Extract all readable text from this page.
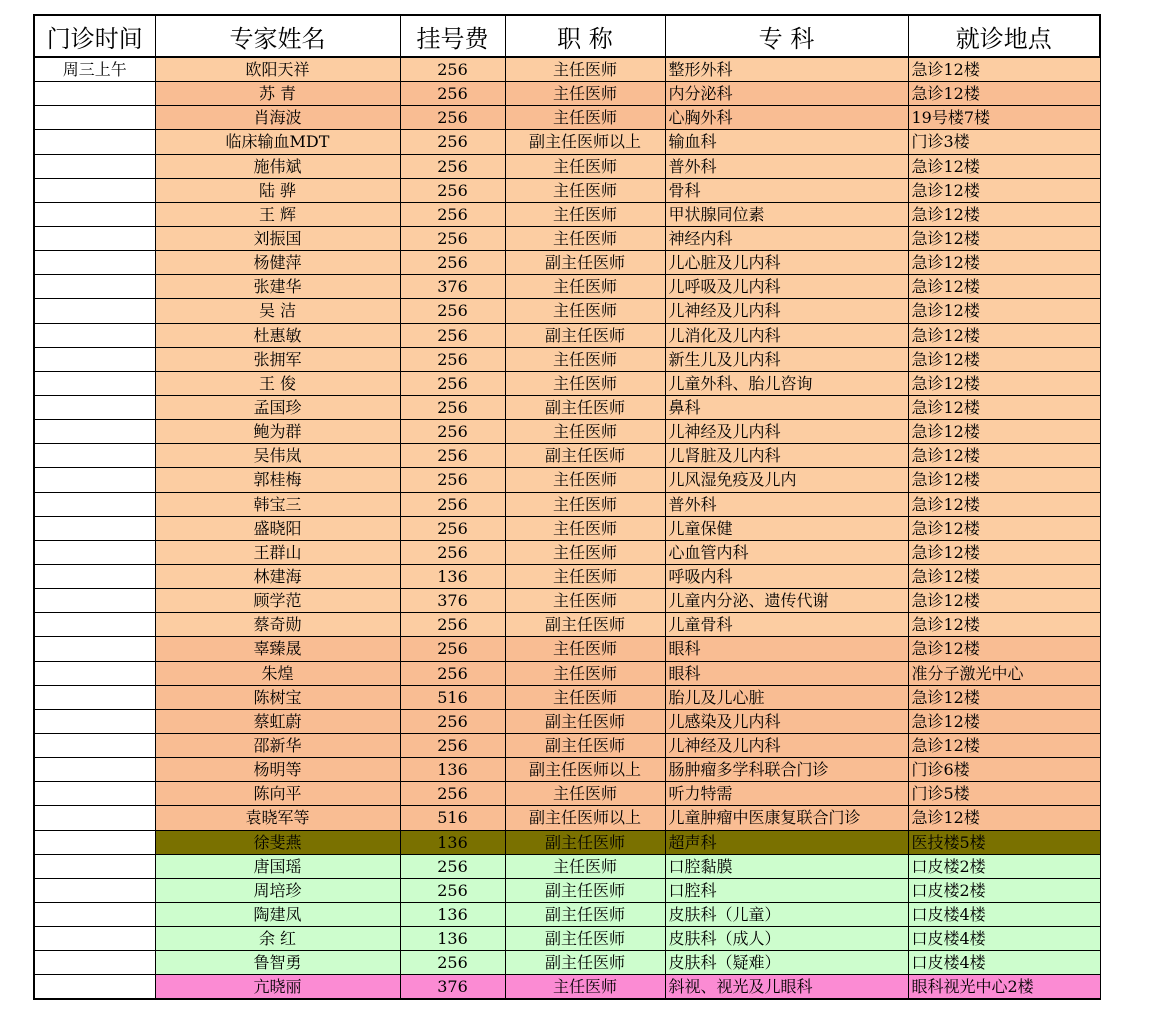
门诊时间	专家姓名	挂号费	职 称	专 科	就诊地点
周三上午	欧阳天祥	256	主任医师	整形外科	急诊12楼
	苏 青	256	主任医师	内分泌科	急诊12楼
	肖海波	256	主任医师	心胸外科	19号楼7楼
	临床输血MDT	256	副主任医师以上	输血科	门诊3楼
	施伟斌	256	主任医师	普外科	急诊12楼
	陆 骅	256	主任医师	骨科	急诊12楼
	王 辉	256	主任医师	甲状腺同位素	急诊12楼
	刘振国	256	主任医师	神经内科	急诊12楼
	杨健萍	256	副主任医师	儿心脏及儿内科	急诊12楼
	张建华	376	主任医师	儿呼吸及儿内科	急诊12楼
	吴 洁	256	主任医师	儿神经及儿内科	急诊12楼
	杜惠敏	256	副主任医师	儿消化及儿内科	急诊12楼
	张拥军	256	主任医师	新生儿及儿内科	急诊12楼
	王 俊	256	主任医师	儿童外科、胎儿咨询	急诊12楼
	孟国珍	256	副主任医师	鼻科	急诊12楼
	鲍为群	256	主任医师	儿神经及儿内科	急诊12楼
	吴伟岚	256	副主任医师	儿肾脏及儿内科	急诊12楼
	郭桂梅	256	主任医师	儿风湿免疫及儿内	急诊12楼
	韩宝三	256	主任医师	普外科	急诊12楼
	盛晓阳	256	主任医师	儿童保健	急诊12楼
	王群山	256	主任医师	心血管内科	急诊12楼
	林建海	136	主任医师	呼吸内科	急诊12楼
	顾学范	376	主任医师	儿童内分泌、遗传代谢	急诊12楼
	蔡奇勋	256	副主任医师	儿童骨科	急诊12楼
	辜臻晟	256	主任医师	眼科	急诊12楼
	朱煌	256	主任医师	眼科	准分子激光中心
	陈树宝	516	主任医师	胎儿及儿心脏	急诊12楼
	蔡虹蔚	256	副主任医师	儿感染及儿内科	急诊12楼
	邵新华	256	副主任医师	儿神经及儿内科	急诊12楼
	杨明等	136	副主任医师以上	肠肿瘤多学科联合门诊	门诊6楼
	陈向平	256	主任医师	听力特需	门诊5楼
	袁晓军等	516	副主任医师以上	儿童肿瘤中医康复联合门诊	急诊12楼
	徐斐燕	136	副主任医师	超声科	医技楼5楼
	唐国瑶	256	主任医师	口腔黏膜	口皮楼2楼
	周培珍	256	副主任医师	口腔科	口皮楼2楼
	陶建凤	136	副主任医师	皮肤科（儿童）	口皮楼4楼
	余 红	136	副主任医师	皮肤科（成人）	口皮楼4楼
	鲁智勇	256	副主任医师	皮肤科（疑难）	口皮楼4楼
	亢晓丽	376	主任医师	斜视、视光及儿眼科	眼科视光中心2楼
